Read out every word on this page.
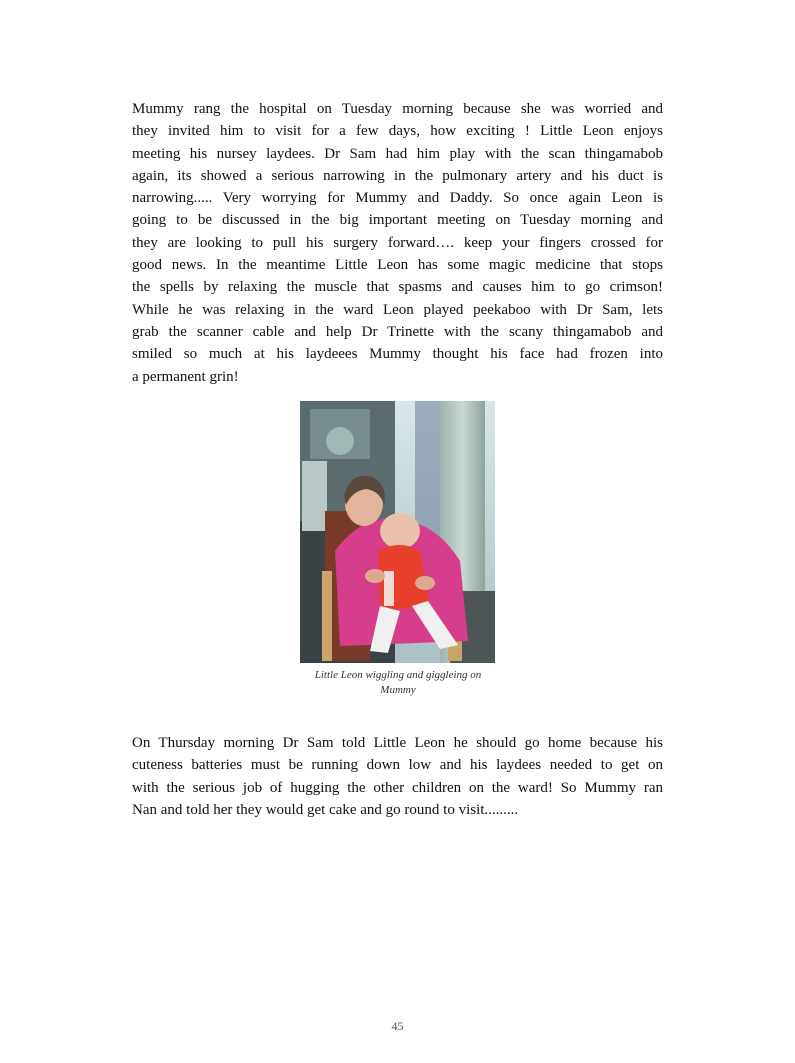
Mummy rang the hospital on Tuesday morning because she was worried and
they invited him to visit for a few days, how exciting ! Little Leon enjoys
meeting his nursey laydees. Dr Sam had him play with the scan thingamabob
again, its showed a serious narrowing in the pulmonary artery and his duct is
narrowing..... Very worrying for Mummy and Daddy. So once again Leon is
going to be discussed in the big important meeting on Tuesday morning and
they are looking to pull his surgery forward…. keep your fingers crossed for
good news. In the meantime Little Leon has some magic medicine that stops
the spells by relaxing the muscle that spasms and causes him to go crimson!
While he was relaxing in the ward Leon played peekaboo with Dr Sam, lets
grab the scanner cable and help Dr Trinette with the scany thingamabob and
smiled so much at his laydeees Mummy thought his face had frozen into
a permanent grin!

Little Leon wiggling and giggleing on Mummy

On Thursday morning Dr Sam told Little Leon he should go home because his
cuteness batteries must be running down low and his laydees needed to get on
with the serious job of hugging the other children on the ward! So Mummy ran
Nan and told her they would get cake and go round to visit.........

45
